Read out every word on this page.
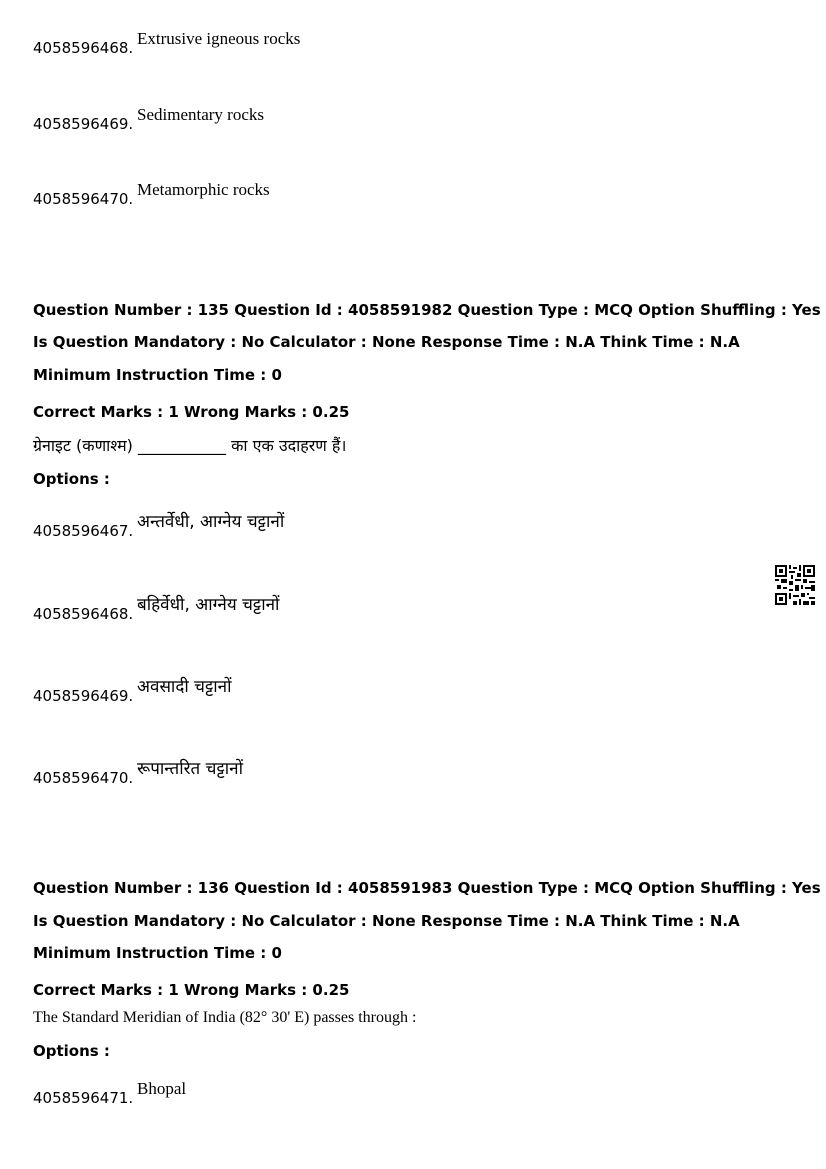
4058596468. Extrusive igneous rocks
4058596469. Sedimentary rocks
4058596470. Metamorphic rocks
Question Number : 135 Question Id : 4058591982 Question Type : MCQ Option Shuffling : Yes
Is Question Mandatory : No Calculator : None Response Time : N.A Think Time : N.A
Minimum Instruction Time : 0
Correct Marks : 1 Wrong Marks : 0.25
ग्रेनाइट (कणाश्म) ___________ का एक उदाहरण हैं।
Options :
4058596467. अन्तर्वेधी, आग्नेय चट्टानों
4058596468. बहिर्वेधी, आग्नेय चट्टानों
4058596469. अवसादी चट्टानों
4058596470. रूपान्तरित चट्टानों
Question Number : 136 Question Id : 4058591983 Question Type : MCQ Option Shuffling : Yes
Is Question Mandatory : No Calculator : None Response Time : N.A Think Time : N.A
Minimum Instruction Time : 0
Correct Marks : 1 Wrong Marks : 0.25
The Standard Meridian of India (82° 30' E) passes through :
Options :
4058596471. Bhopal
